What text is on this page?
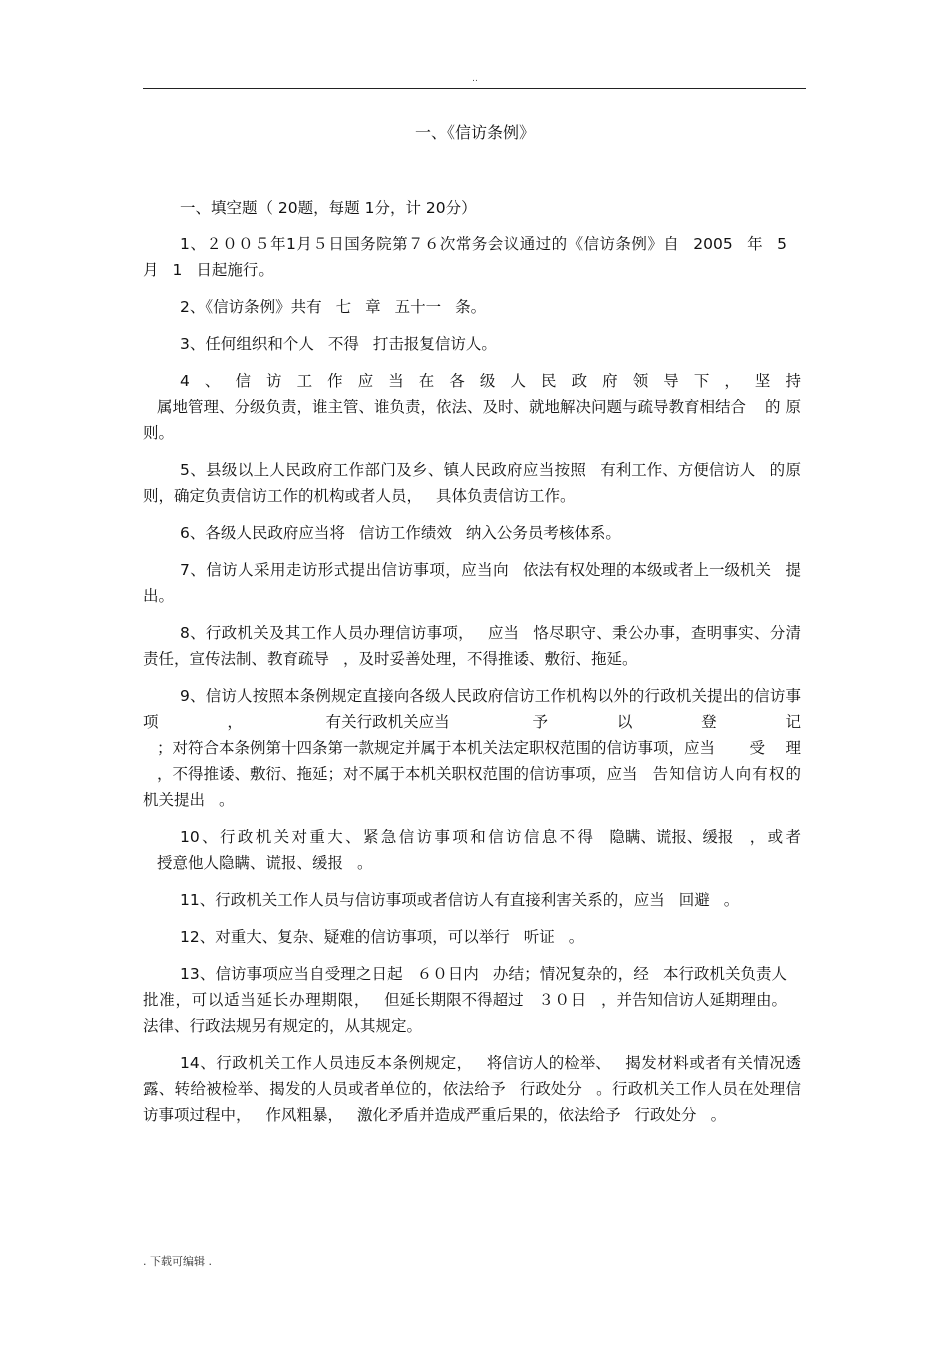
..
一、《信访条例》

一、填空题（ 20题，每题 1分，计 20分）

1、２００５年1月５日国务院第７６次常务会议通过的《信访条例》自 2005 年 5月 1 日起施行。

2、《信访条例》共有 七 章 五十一 条。

3、任何组织和个人 不得 打击报复信访人。

4、信访工作应当在各级人民政府领导下，坚持属地管理、分级负责，谁主管、谁负责，依法、及时、就地解决问题与疏导教育相结合 的原则。

5、县级以上人民政府工作部门及乡、镇人民政府应当按照 有利工作、方便信访人 的原则，确定负责信访工作的机构或者人员， 具体负责信访工作。

6、各级人民政府应当将 信访工作绩效 纳入公务员考核体系。

7、信访人采用走访形式提出信访事项，应当向 依法有权处理的本级或者上一级机关 提出。

8、行政机关及其工作人员办理信访事项， 应当 恪尽职守、秉公办事，查明事实、分清责任，宣传法制、教育疏导 ，及时妥善处理，不得推诿、敷衍、拖延。

9、信访人按照本条例规定直接向各级人民政府信访工作机构以外的行政机关提出的信访事项， 有关行政机关应当 予以登记；对符合本条例第十四条第一款规定并属于本机关法定职权范围的信访事项，应当 受理，不得推诿、敷衍、拖延；对不属于本机关职权范围的信访事项，应当 告知信访人向有权的机关提出 。

10、行政机关对重大、紧急信访事项和信访信息不得 隐瞒、谎报、缓报 ，或者授意他人隐瞒、谎报、缓报 。

11、行政机关工作人员与信访事项或者信访人有直接利害关系的，应当 回避 。

12、对重大、复杂、疑难的信访事项，可以举行 听证 。

13、信访事项应当自受理之日起 ６０日内 办结；情况复杂的，经 本行政机关负责人批准，可以适当延长办理期限， 但延长期限不得超过 ３０日 ，并告知信访人延期理由。法律、行政法规另有规定的，从其规定。

14、行政机关工作人员违反本条例规定， 将信访人的检举、 揭发材料或者有关情况透露、转给被检举、揭发的人员或者单位的，依法给予 行政处分 。行政机关工作人员在处理信访事项过程中， 作风粗暴， 激化矛盾并造成严重后果的，依法给予 行政处分 。

. 下载可编辑 .
